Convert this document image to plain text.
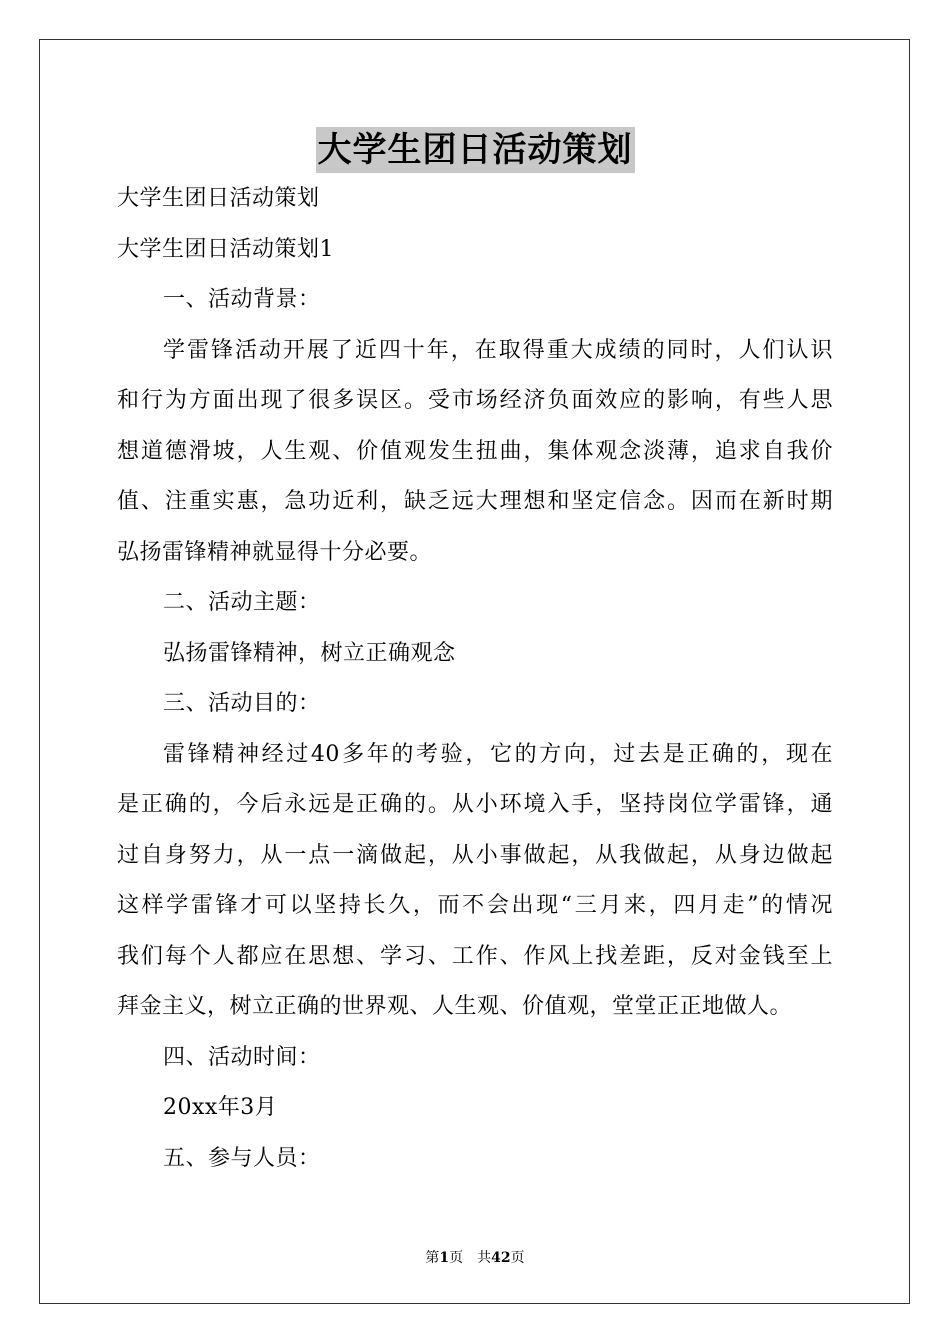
大学生团日活动策划
大学生团日活动策划
大学生团日活动策划1
一、活动背景：
学雷锋活动开展了近四十年，在取得重大成绩的同时，人们认识
和行为方面出现了很多误区。受市场经济负面效应的影响，有些人思
想道德滑坡，人生观、价值观发生扭曲，集体观念淡薄，追求自我价
值、注重实惠，急功近利，缺乏远大理想和坚定信念。因而在新时期
弘扬雷锋精神就显得十分必要。
二、活动主题：
弘扬雷锋精神，树立正确观念
三、活动目的：
雷锋精神经过40多年的考验，它的方向，过去是正确的，现在
是正确的，今后永远是正确的。从小环境入手，坚持岗位学雷锋，通
过自身努力，从一点一滴做起，从小事做起，从我做起，从身边做起
这样学雷锋才可以坚持长久，而不会出现“三月来，四月走”的情况
我们每个人都应在思想、学习、工作、作风上找差距，反对金钱至上
拜金主义，树立正确的世界观、人生观、价值观，堂堂正正地做人。
四、活动时间：
20xx年3月
五、参与人员：
第1页　共42页
